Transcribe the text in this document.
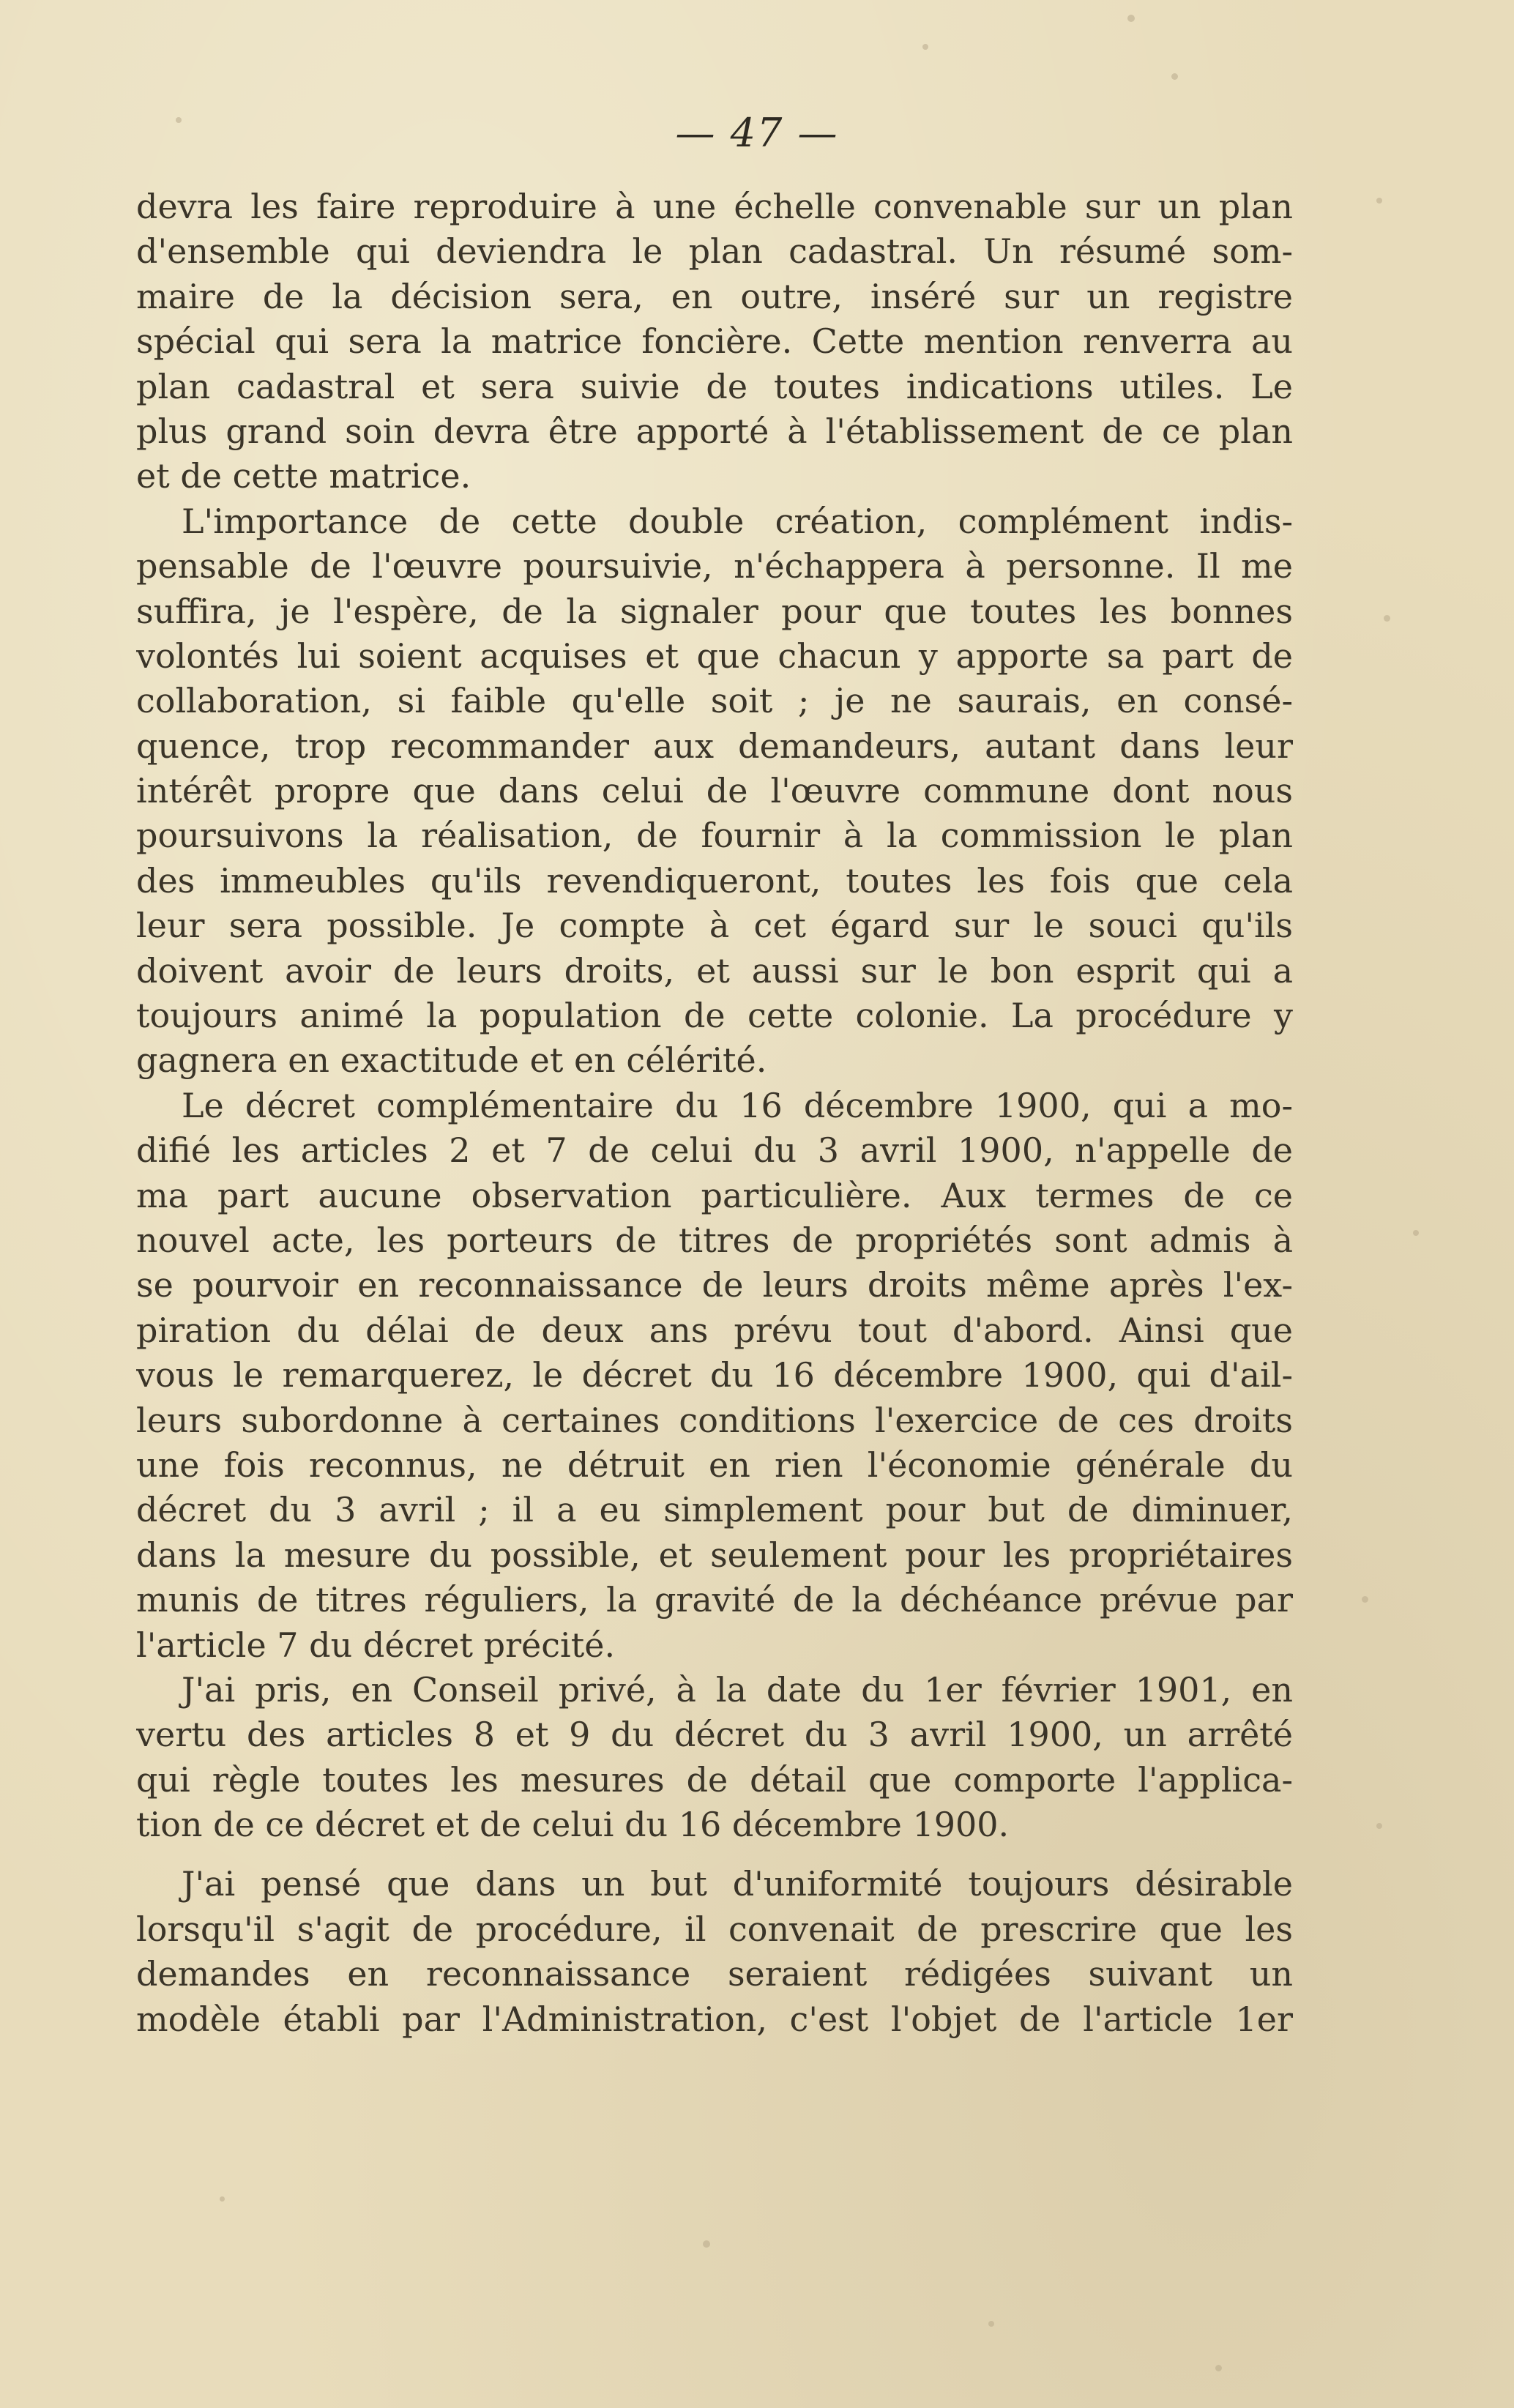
— 47 —
devra les faire reproduire à une échelle convenable sur un plan
d'ensemble qui deviendra le plan cadastral. Un résumé som-
maire de la décision sera, en outre, inséré sur un registre
spécial qui sera la matrice foncière. Cette mention renverra au
plan cadastral et sera suivie de toutes indications utiles. Le
plus grand soin devra être apporté à l'établissement de ce plan
et de cette matrice.
L'importance de cette double création, complément indis-
pensable de l'œuvre poursuivie, n'échappera à personne. Il me
suffira, je l'espère, de la signaler pour que toutes les bonnes
volontés lui soient acquises et que chacun y apporte sa part de
collaboration, si faible qu'elle soit ; je ne saurais, en consé-
quence, trop recommander aux demandeurs, autant dans leur
intérêt propre que dans celui de l'œuvre commune dont nous
poursuivons la réalisation, de fournir à la commission le plan
des immeubles qu'ils revendiqueront, toutes les fois que cela
leur sera possible. Je compte à cet égard sur le souci qu'ils
doivent avoir de leurs droits, et aussi sur le bon esprit qui a
toujours animé la population de cette colonie. La procédure y
gagnera en exactitude et en célérité.
Le décret complémentaire du 16 décembre 1900, qui a mo-
difié les articles 2 et 7 de celui du 3 avril 1900, n'appelle de
ma part aucune observation particulière. Aux termes de ce
nouvel acte, les porteurs de titres de propriétés sont admis à
se pourvoir en reconnaissance de leurs droits même après l'ex-
piration du délai de deux ans prévu tout d'abord. Ainsi que
vous le remarquerez, le décret du 16 décembre 1900, qui d'ail-
leurs subordonne à certaines conditions l'exercice de ces droits
une fois reconnus, ne détruit en rien l'économie générale du
décret du 3 avril ; il a eu simplement pour but de diminuer,
dans la mesure du possible, et seulement pour les propriétaires
munis de titres réguliers, la gravité de la déchéance prévue par
l'article 7 du décret précité.
J'ai pris, en Conseil privé, à la date du 1er février 1901, en
vertu des articles 8 et 9 du décret du 3 avril 1900, un arrêté
qui règle toutes les mesures de détail que comporte l'applica-
tion de ce décret et de celui du 16 décembre 1900.
J'ai pensé que dans un but d'uniformité toujours désirable
lorsqu'il s'agit de procédure, il convenait de prescrire que les
demandes en reconnaissance seraient rédigées suivant un
modèle établi par l'Administration, c'est l'objet de l'article 1er
